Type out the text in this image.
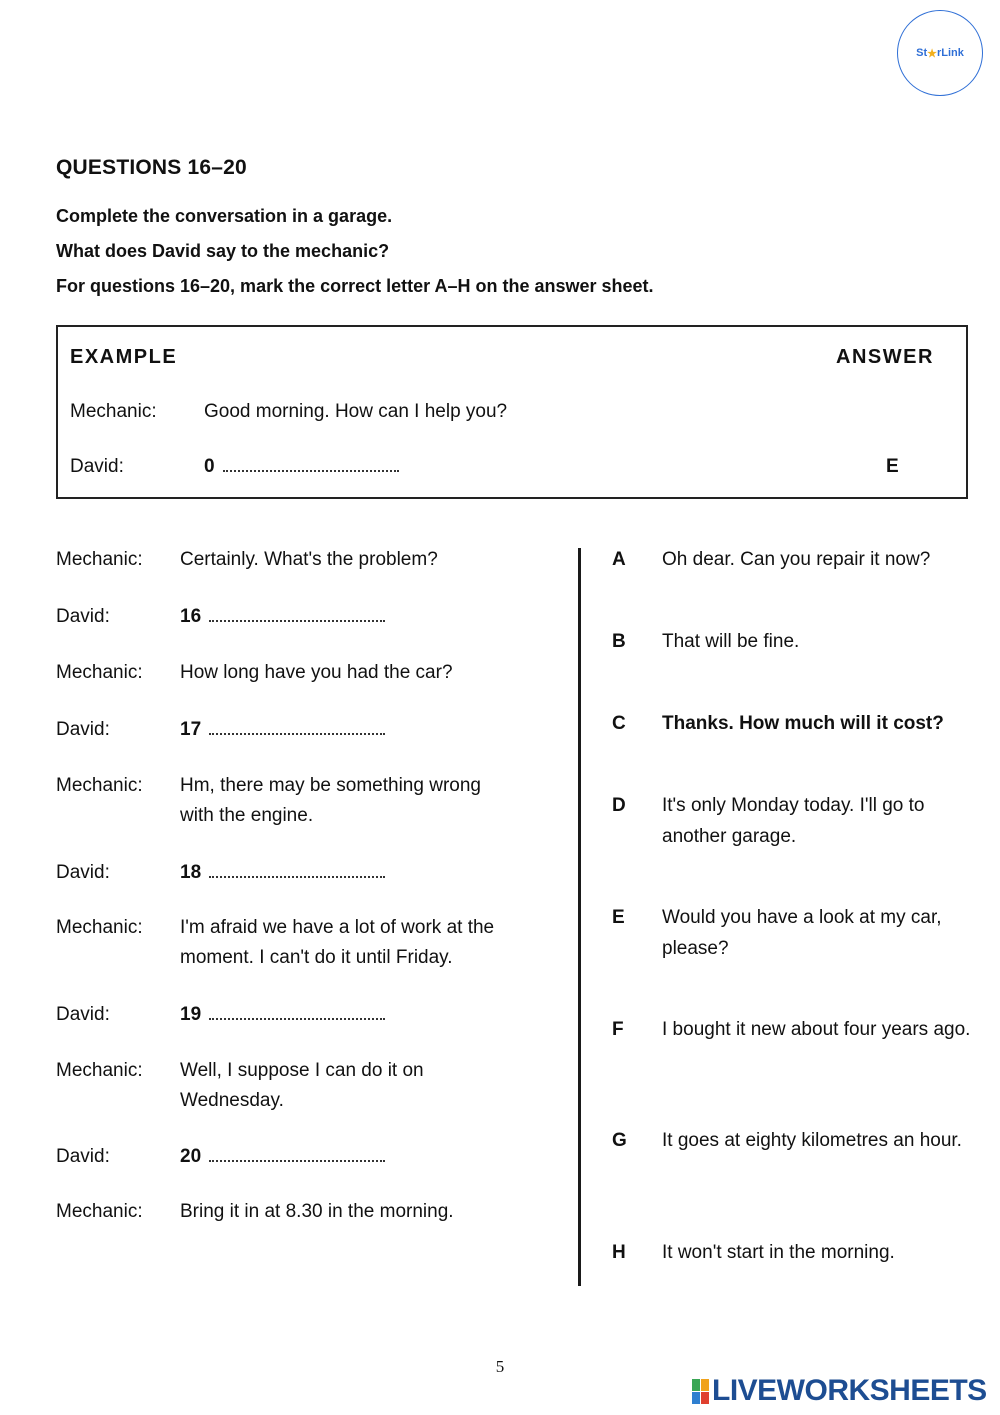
St ★ rLink
QUESTIONS 16–20
Complete the conversation in a garage.
What does David say to the mechanic?
For questions 16–20, mark the correct letter A–H on the answer sheet.
EXAMPLE	ANSWER
Mechanic: Good morning. How can I help you?
David:	0	E
Mechanic: Certainly. What's the problem?
David:	16
Mechanic: How long have you had the car?
David:	17
Mechanic: Hm, there may be something wrong
with the engine.
David:	18
Mechanic: I'm afraid we have a lot of work at the
moment. I can't do it until Friday.
David:	19
Mechanic: Well, I suppose I can do it on
Wednesday.
David:	20
Mechanic: Bring it in at 8.30 in the morning.
A Oh dear. Can you repair it now?
B That will be fine.
C Thanks. How much will it cost?
D It's only Monday today. I'll go to another garage.
E Would you have a look at my car, please?
F I bought it new about four years ago.
G It goes at eighty kilometres an hour.
H It won't start in the morning.
5
LIVEWORKSHEETS
